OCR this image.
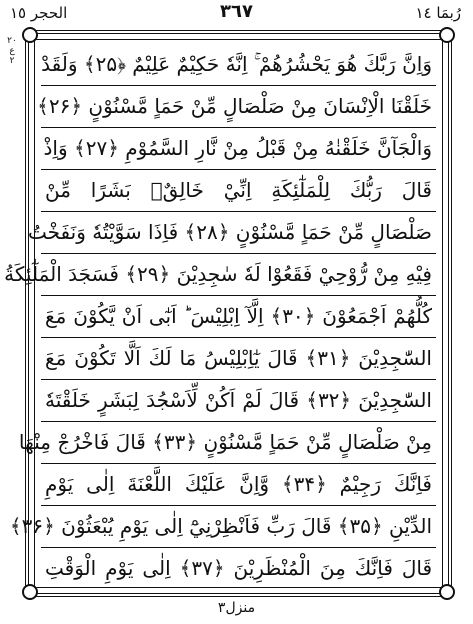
الحجر ١٥	٣٦٧	رُبمَا ١٤
٢٠
ع
٢	وَاِنَّ رَبَّكَ هُوَ يَحْشُرُهُمْ ۚ اِنَّهٗ حَكِيْمٌ عَلِيْمٌ ﴿۲۵﴾ وَلَقَدْ
خَلَقْنَا الْاِنْسَانَ مِنْ صَلْصَالٍ مِّنْ حَمَاٍ مَّسْنُوْنٍ ﴿۲۶﴾
وَالْجَآنَّ خَلَقْنٰهُ مِنْ قَبْلُ مِنْ نَّارِ السَّمُوْمِ ﴿۲۷﴾ وَاِذْ
قَالَ رَبُّكَ لِلْمَلٰٓئِكَةِ اِنِّيْ خَالِقٌۢ بَشَرًا مِّنْ
صَلْصَالٍ مِّنْ حَمَاٍ مَّسْنُوْنٍ ﴿۲۸﴾ فَاِذَا سَوَّيْتُهٗ وَنَفَخْتُ
فِيْهِ مِنْ رُّوْحِيْ فَقَعُوْا لَهٗ سٰجِدِيْنَ ﴿۲۹﴾ فَسَجَدَ الْمَلٰٓئِكَةُ
كُلُّهُمْ اَجْمَعُوْنَ ﴿۳۰﴾ اِلَّآ اِبْلِيْسَ ؕ اَبٰٓى اَنْ يَّكُوْنَ مَعَ
السّٰجِدِيْنَ ﴿۳۱﴾ قَالَ يٰٓاِبْلِيْسُ مَا لَكَ اَلَّا تَكُوْنَ مَعَ
السّٰجِدِيْنَ ﴿۳۲﴾ قَالَ لَمْ اَكُنْ لِّاَسْجُدَ لِبَشَرٍ خَلَقْتَهٗ
مِنْ صَلْصَالٍ مِّنْ حَمَاٍ مَّسْنُوْنٍ ﴿۳۳﴾ قَالَ فَاخْرُجْ مِنْهَا
فَاِنَّكَ رَجِيْمٌ ﴿۳۴﴾ وَّاِنَّ عَلَيْكَ اللَّعْنَةَ اِلٰى يَوْمِ
الدِّيْنِ ﴿۳۵﴾ قَالَ رَبِّ فَاَنْظِرْنِيْٓ اِلٰى يَوْمِ يُبْعَثُوْنَ ﴿۳۶﴾
قَالَ فَاِنَّكَ مِنَ الْمُنْظَرِيْنَ ﴿۳۷﴾ اِلٰى يَوْمِ الْوَقْتِ
منزل٣
